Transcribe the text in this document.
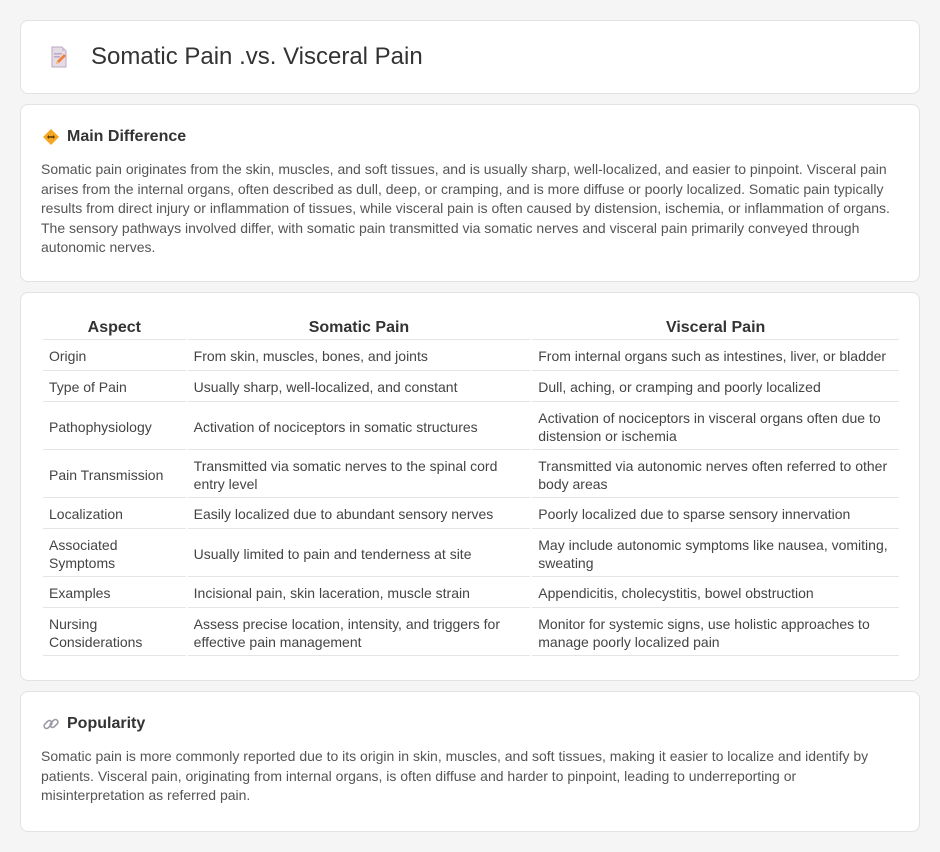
Somatic Pain .vs. Visceral Pain
Main Difference

Somatic pain originates from the skin, muscles, and soft tissues, and is usually sharp, well-localized, and easier to pinpoint. Visceral pain arises from the internal organs, often described as dull, deep, or cramping, and is more diffuse or poorly localized. Somatic pain typically results from direct injury or inflammation of tissues, while visceral pain is often caused by distension, ischemia, or inflammation of organs. The sensory pathways involved differ, with somatic pain transmitted via somatic nerves and visceral pain primarily conveyed through autonomic nerves.

Aspect	Somatic Pain	Visceral Pain
Origin	From skin, muscles, bones, and joints	From internal organs such as intestines, liver, or bladder
Type of Pain	Usually sharp, well-localized, and constant	Dull, aching, or cramping and poorly localized
Pathophysiology	Activation of nociceptors in somatic structures	Activation of nociceptors in visceral organs often due to distension or ischemia
Pain Transmission	Transmitted via somatic nerves to the spinal cord entry level	Transmitted via autonomic nerves often referred to other body areas
Localization	Easily localized due to abundant sensory nerves	Poorly localized due to sparse sensory innervation
Associated Symptoms	Usually limited to pain and tenderness at site	May include autonomic symptoms like nausea, vomiting, sweating
Examples	Incisional pain, skin laceration, muscle strain	Appendicitis, cholecystitis, bowel obstruction
Nursing Considerations	Assess precise location, intensity, and triggers for effective pain management	Monitor for systemic signs, use holistic approaches to manage poorly localized pain
Popularity

Somatic pain is more commonly reported due to its origin in skin, muscles, and soft tissues, making it easier to localize and identify by patients. Visceral pain, originating from internal organs, is often diffuse and harder to pinpoint, leading to underreporting or misinterpretation as referred pain.
